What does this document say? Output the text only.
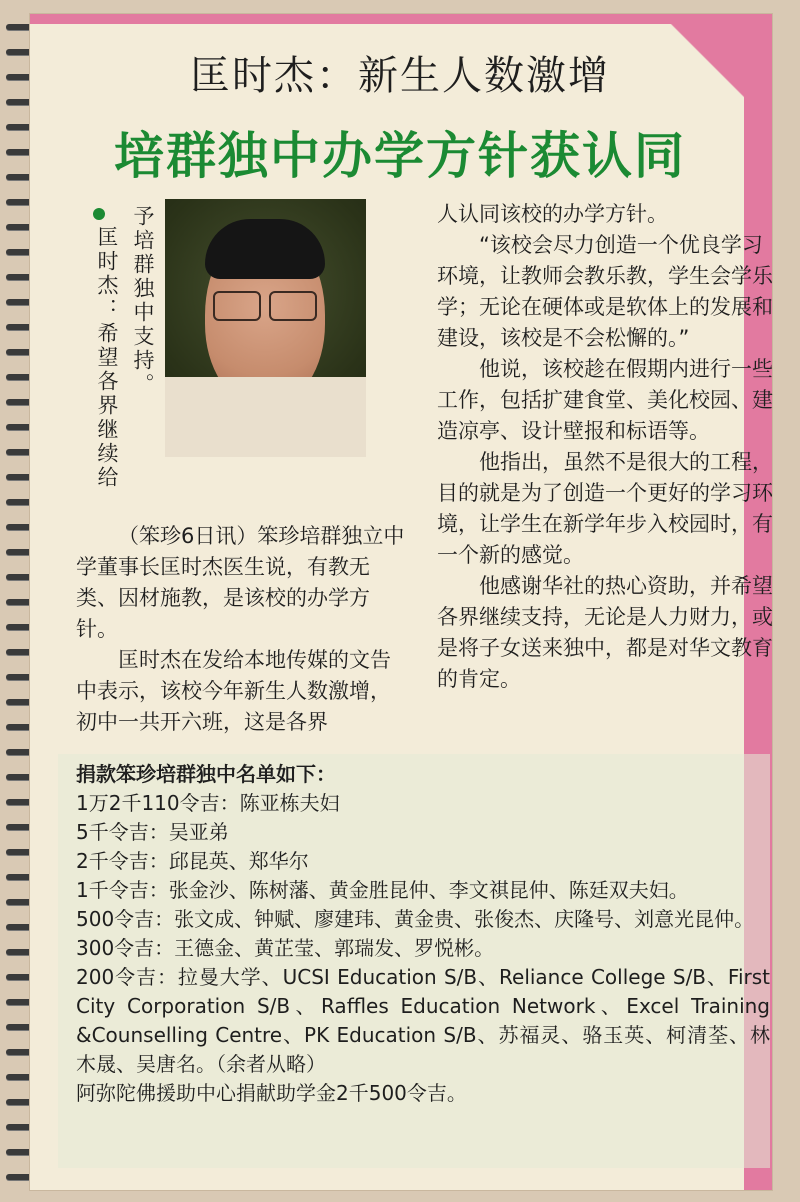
匡时杰：新生人数激增
培群独中办学方针获认同
匡时杰：希望各界继续给 予培群独中支持。

（笨珍6日讯）笨珍培群独立中学董事长匡时杰医生说，有教无类、因材施教，是该校的办学方针。

匡时杰在发给本地传媒的文告中表示，该校今年新生人数激增，初中一共开六班，这是各界

人认同该校的办学方针。

“该校会尽力创造一个优良学习环境，让教师会教乐教，学生会学乐学；无论在硬体或是软体上的发展和建设，该校是不会松懈的。”

他说，该校趁在假期内进行一些工作，包括扩建食堂、美化校园、建造凉亭、设计壁报和标语等。

他指出，虽然不是很大的工程，目的就是为了创造一个更好的学习环境，让学生在新学年步入校园时，有一个新的感觉。

他感谢华社的热心资助，并希望各界继续支持，无论是人力财力，或是将子女送来独中，都是对华文教育的肯定。

捐款笨珍培群独中名单如下：

1万2千110令吉：陈亚栋夫妇

5千令吉：吴亚弟

2千令吉：邱昆英、郑华尔

1千令吉：张金沙、陈树藩、黄金胜昆仲、李文祺昆仲、陈廷双夫妇。

500令吉：张文成、钟赋、廖建玮、黄金贵、张俊杰、庆隆号、刘意光昆仲。

300令吉：王德金、黄芷莹、郭瑞发、罗悦彬。

200令吉：拉曼大学、UCSI Education S/B、Reliance College S/B、First City Corporation S/B、Raffles Education Network、Excel Training &Counselling Centre、PK Education S/B、苏福灵、骆玉英、柯清荃、林木晟、吴唐名。（余者从略）

阿弥陀佛援助中心捐献助学金2千500令吉。
